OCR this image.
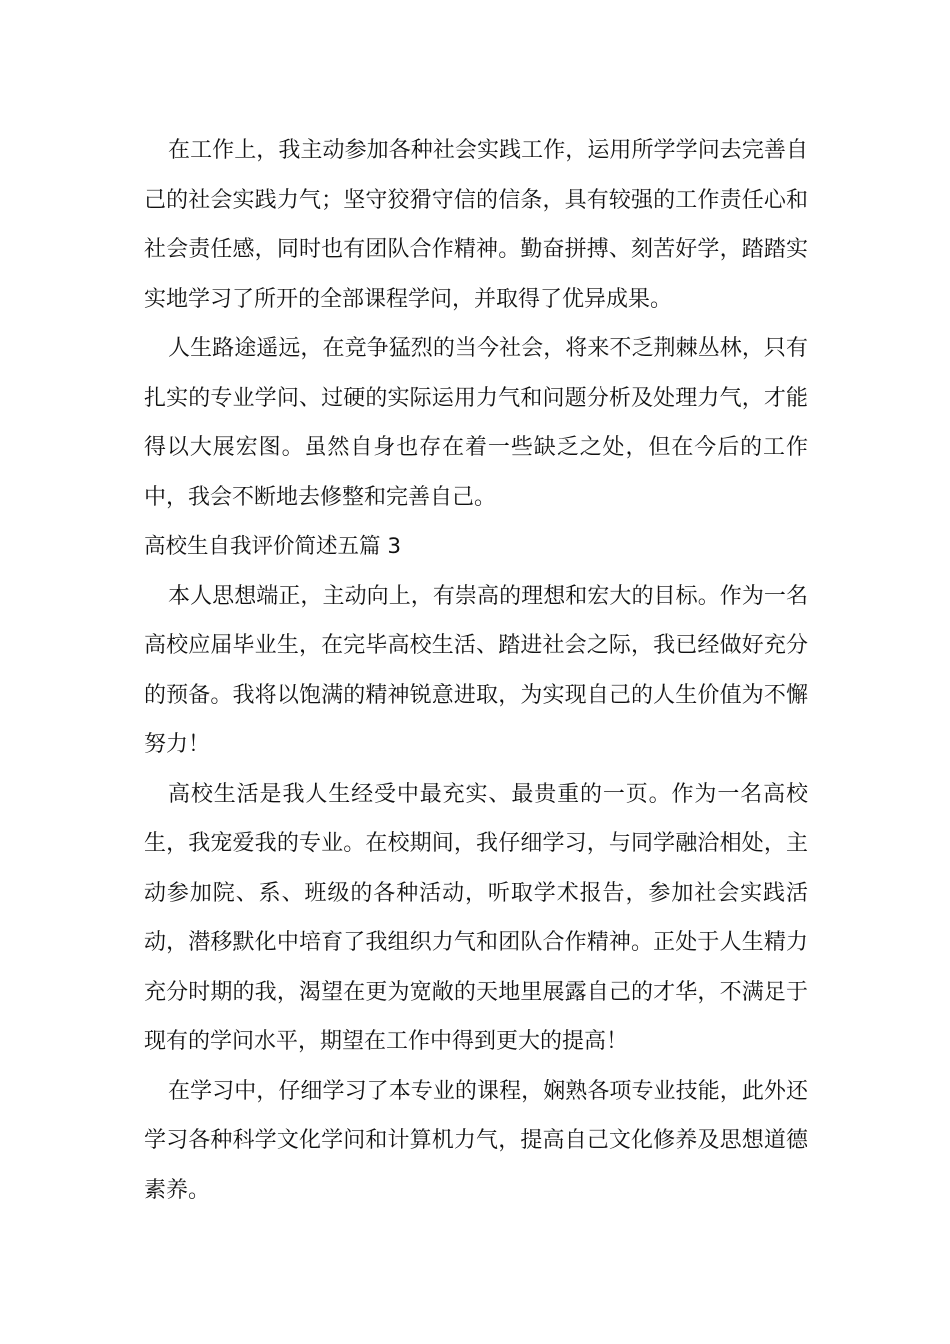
在工作上，我主动参加各种社会实践工作，运用所学学问去完善自己的社会实践力气；坚守狡猾守信的信条，具有较强的工作责任心和社会责任感，同时也有团队合作精神。勤奋拼搏、刻苦好学，踏踏实实地学习了所开的全部课程学问，并取得了优异成果。

人生路途遥远，在竞争猛烈的当今社会，将来不乏荆棘丛林，只有扎实的专业学问、过硬的实际运用力气和问题分析及处理力气，才能得以大展宏图。虽然自身也存在着一些缺乏之处，但在今后的工作中，我会不断地去修整和完善自己。

高校生自我评价简述五篇 3

本人思想端正，主动向上，有崇高的理想和宏大的目标。作为一名高校应届毕业生，在完毕高校生活、踏进社会之际，我已经做好充分的预备。我将以饱满的精神锐意进取，为实现自己的人生价值为不懈努力！

高校生活是我人生经受中最充实、最贵重的一页。作为一名高校生，我宠爱我的专业。在校期间，我仔细学习，与同学融洽相处，主动参加院、系、班级的各种活动，听取学术报告，参加社会实践活动，潜移默化中培育了我组织力气和团队合作精神。正处于人生精力充分时期的我，渴望在更为宽敞的天地里展露自己的才华，不满足于现有的学问水平，期望在工作中得到更大的提高！

在学习中，仔细学习了本专业的课程，娴熟各项专业技能，此外还学习各种科学文化学问和计算机力气，提高自己文化修养及思想道德素养。
